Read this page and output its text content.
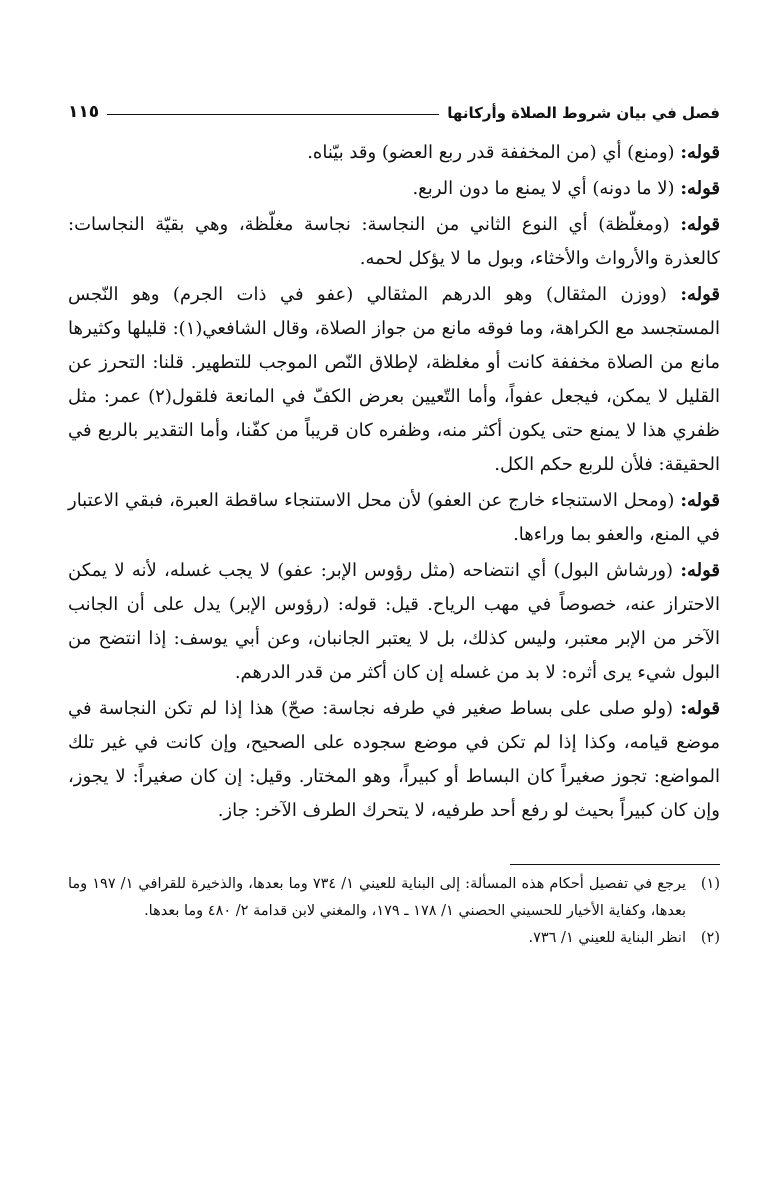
فصل في بيان شروط الصلاة وأركانها
١١٥

قوله: (ومنع) أي (من المخففة قدر ربع العضو) وقد بيّناه.

قوله: (لا ما دونه) أي لا يمنع ما دون الربع.

قوله: (ومغلّظة) أي النوع الثاني من النجاسة: نجاسة مغلّظة، وهي بقيّة النجاسات: كالعذرة والأرواث والأخثاء، وبول ما لا يؤكل لحمه.

قوله: (ووزن المثقال) وهو الدرهم المثقالي (عفو في ذات الجرم) وهو النّجس المستجسد مع الكراهة، وما فوقه مانع من جواز الصلاة، وقال الشافعي(١): قليلها وكثيرها مانع من الصلاة مخففة كانت أو مغلظة، لإطلاق النّص الموجب للتطهير. قلنا: التحرز عن القليل لا يمكن، فيجعل عفواً، وأما التّعيين بعرض الكفّ في المانعة فلقول(٢) عمر: مثل ظفري هذا لا يمنع حتى يكون أكثر منه، وظفره كان قريباً من كفّنا، وأما التقدير بالربع في الحقيقة: فلأن للربع حكم الكل.

قوله: (ومحل الاستنجاء خارج عن العفو) لأن محل الاستنجاء ساقطة العبرة، فبقي الاعتبار في المنع، والعفو بما وراءها.

قوله: (ورشاش البول) أي انتضاحه (مثل رؤوس الإبر: عفو) لا يجب غسله، لأنه لا يمكن الاحتراز عنه، خصوصاً في مهب الرياح. قيل: قوله: (رؤوس الإبر) يدل على أن الجانب الآخر من الإبر معتبر، وليس كذلك، بل لا يعتبر الجانبان، وعن أبي يوسف: إذا انتضح من البول شيء يرى أثره: لا بد من غسله إن كان أكثر من قدر الدرهم.

قوله: (ولو صلى على بساط صغير في طرفه نجاسة: صحّ) هذا إذا لم تكن النجاسة في موضع قيامه، وكذا إذا لم تكن في موضع سجوده على الصحيح، وإن كانت في غير تلك المواضع: تجوز صغيراً كان البساط أو كبيراً، وهو المختار. وقيل: إن كان صغيراً: لا يجوز، وإن كان كبيراً بحيث لو رفع أحد طرفيه، لا يتحرك الطرف الآخر: جاز.

(١)
يرجع في تفصيل أحكام هذه المسألة: إلى البناية للعيني ١/ ٧٣٤ وما بعدها، والذخيرة للقرافي ١/ ١٩٧ وما بعدها، وكفاية الأخيار للحسيني الحصني ١/ ١٧٨ ـ ١٧٩، والمغني لابن قدامة ٢/ ٤٨٠ وما بعدها.
(٢)
انظر البناية للعيني ١/ ٧٣٦.
